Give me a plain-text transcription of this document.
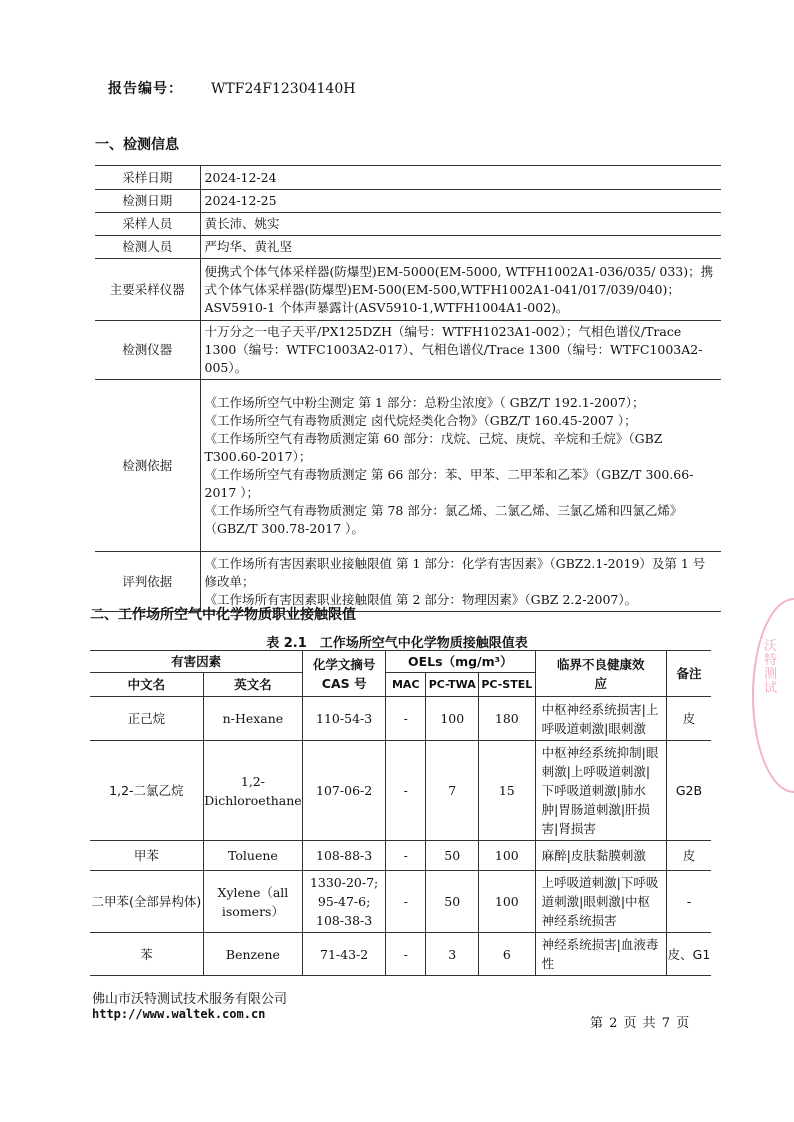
报告编号： WTF24F12304140H
一、检测信息
采样日期	2024-12-24

检测日期	2024-12-25

采样人员	黄长沛、姚实

检测人员	严均华、黄礼坚

主要采样仪器	便携式个体气体采样器(防爆型)EM-5000(EM-5000, WTFH1002A1-036/035/ 033)；携式个体气体采样器(防爆型)EM-500(EM-500,WTFH1002A1-041/017/039/040)；ASV5910-1 个体声暴露计(ASV5910-1,WTFH1004A1-002)。

检测仪器	十万分之一电子天平/PX125DZH（编号：WTFH1023A1-002）；气相色谱仪/Trace 1300（编号：WTFC1003A2-017）、气相色谱仪/Trace 1300（编号：WTFC1003A2-005）。

检测依据	《工作场所空气中粉尘测定 第 1 部分：总粉尘浓度》（ GBZ/T 192.1-2007）；
《工作场所空气有毒物质测定 卤代烷烃类化合物》（GBZ/T 160.45-2007 ）；
《工作场所空气有毒物质测定第 60 部分：戊烷、己烷、庚烷、辛烷和壬烷》（GBZ T300.60-2017）；
《工作场所空气有毒物质测定 第 66 部分：苯、甲苯、二甲苯和乙苯》（GBZ/T 300.66-2017 ）；
《工作场所空气有毒物质测定 第 78 部分：氯乙烯、二氯乙烯、三氯乙烯和四氯乙烯》（GBZ/T 300.78-2017 ）。

评判依据	《工作场所有害因素职业接触限值 第 1 部分：化学有害因素》（GBZ2.1-2019）及第 1 号修改单；
《工作场所有害因素职业接触限值 第 2 部分：物理因素》（GBZ 2.2-2007）。
二、工作场所空气中化学物质职业接触限值
表 2.1　工作场所空气中化学物质接触限值表
有害因素		化学文摘号 CAS 号	OELs（mg/m³）			临界不良健康效应	备注
中文名	英文名		MAC	PC-TWA	PC-STEL		
正己烷	n-Hexane	110-54-3	-	100	180	中枢神经系统损害|上呼吸道刺激|眼刺激	皮
1,2-二氯乙烷	1,2-Dichloroethane	107-06-2	-	7	15	中枢神经系统抑制|眼刺激|上呼吸道刺激|下呼吸道刺激|肺水肿|胃肠道刺激|肝损害|肾损害	G2B
甲苯	Toluene	108-88-3	-	50	100	麻醉|皮肤黏膜刺激	皮
二甲苯(全部异构体)	Xylene（all isomers）	1330-20-7; 95-47-6; 108-38-3	-	50	100	上呼吸道刺激|下呼吸道刺激|眼刺激|中枢神经系统损害	-
苯	Benzene	71-43-2	-	3	6	神经系统损害|血液毒性	皮、G1
佛山市沃特测试技术服务有限公司
http://www.waltek.com.cn
第 2 页 共 7 页
沃特测试
